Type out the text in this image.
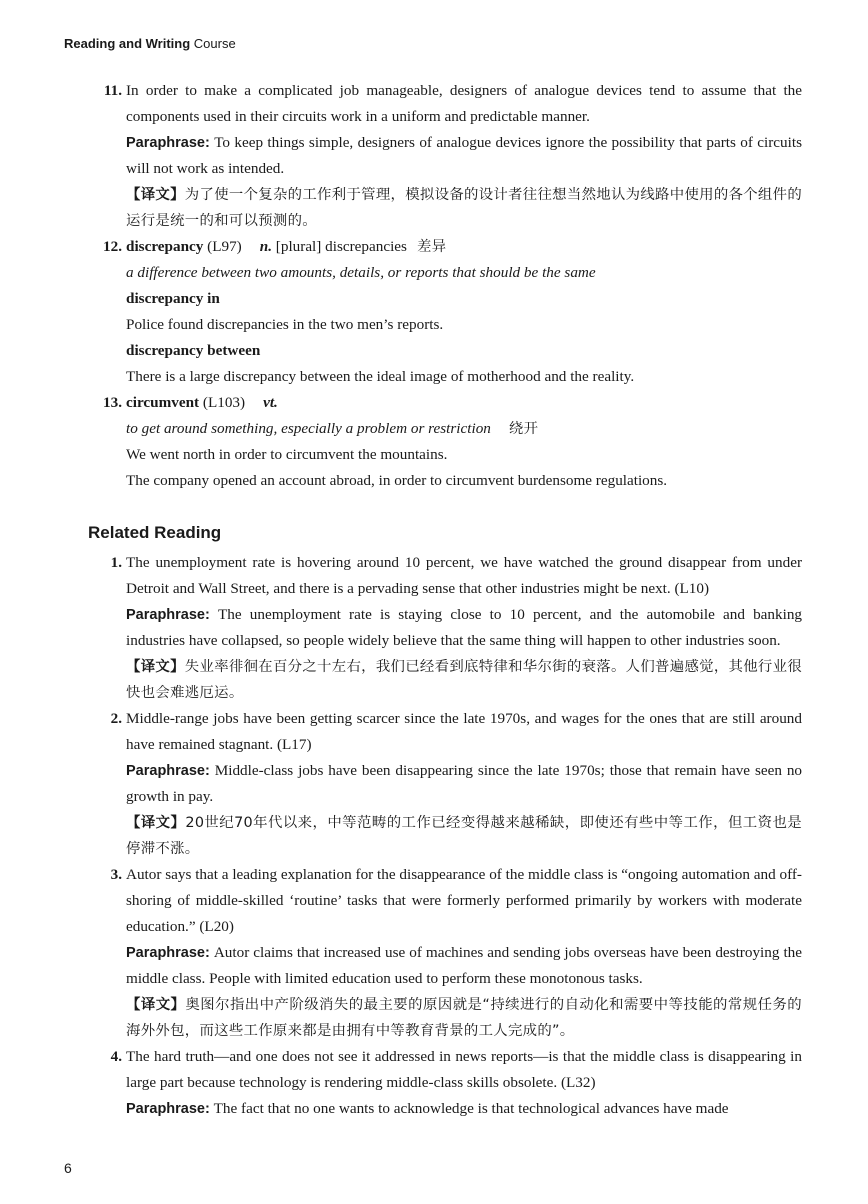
Reading and Writing Course
11. In order to make a complicated job manageable, designers of analogue devices tend to assume that the components used in their circuits work in a uniform and predictable manner.

Paraphrase: To keep things simple, designers of analogue devices ignore the possibility that parts of circuits will not work as intended.

【译文】为了使一个复杂的工作利于管理，模拟设备的设计者往往想当然地认为线路中使用的各个组件的运行是统一的和可以预测的。

12. discrepancy (L97) n. [plural] discrepancies 差异

a difference between two amounts, details, or reports that should be the same

discrepancy in

Police found discrepancies in the two men’s reports.

discrepancy between

There is a large discrepancy between the ideal image of motherhood and the reality.

13. circumvent (L103) vt.

to get around something, especially a problem or restriction 绕开

We went north in order to circumvent the mountains.

The company opened an account abroad, in order to circumvent burdensome regulations.

Related Reading
1. The unemployment rate is hovering around 10 percent, we have watched the ground disappear from under Detroit and Wall Street, and there is a pervading sense that other industries might be next. (L10)

Paraphrase: The unemployment rate is staying close to 10 percent, and the automobile and banking industries have collapsed, so people widely believe that the same thing will happen to other industries soon.

【译文】失业率徘徊在百分之十左右，我们已经看到底特律和华尔街的衰落。人们普遍感觉，其他行业很快也会难逃厄运。

2. Middle-range jobs have been getting scarcer since the late 1970s, and wages for the ones that are still around have remained stagnant. (L17)

Paraphrase: Middle-class jobs have been disappearing since the late 1970s; those that remain have seen no growth in pay.

【译文】20世纪70年代以来，中等范畴的工作已经变得越来越稀缺，即使还有些中等工作，但工资也是停滞不涨。

3. Autor says that a leading explanation for the disappearance of the middle class is “ongoing automation and off-shoring of middle-skilled ‘routine’ tasks that were formerly performed primarily by workers with moderate education.” (L20)

Paraphrase: Autor claims that increased use of machines and sending jobs overseas have been destroying the middle class. People with limited education used to perform these monotonous tasks.

【译文】奥图尔指出中产阶级消失的最主要的原因就是“持续进行的自动化和需要中等技能的常规任务的海外外包，而这些工作原来都是由拥有中等教育背景的工人完成的”。

4. The hard truth—and one does not see it addressed in news reports—is that the middle class is disappearing in large part because technology is rendering middle-class skills obsolete. (L32)

Paraphrase: The fact that no one wants to acknowledge is that technological advances have made

6
